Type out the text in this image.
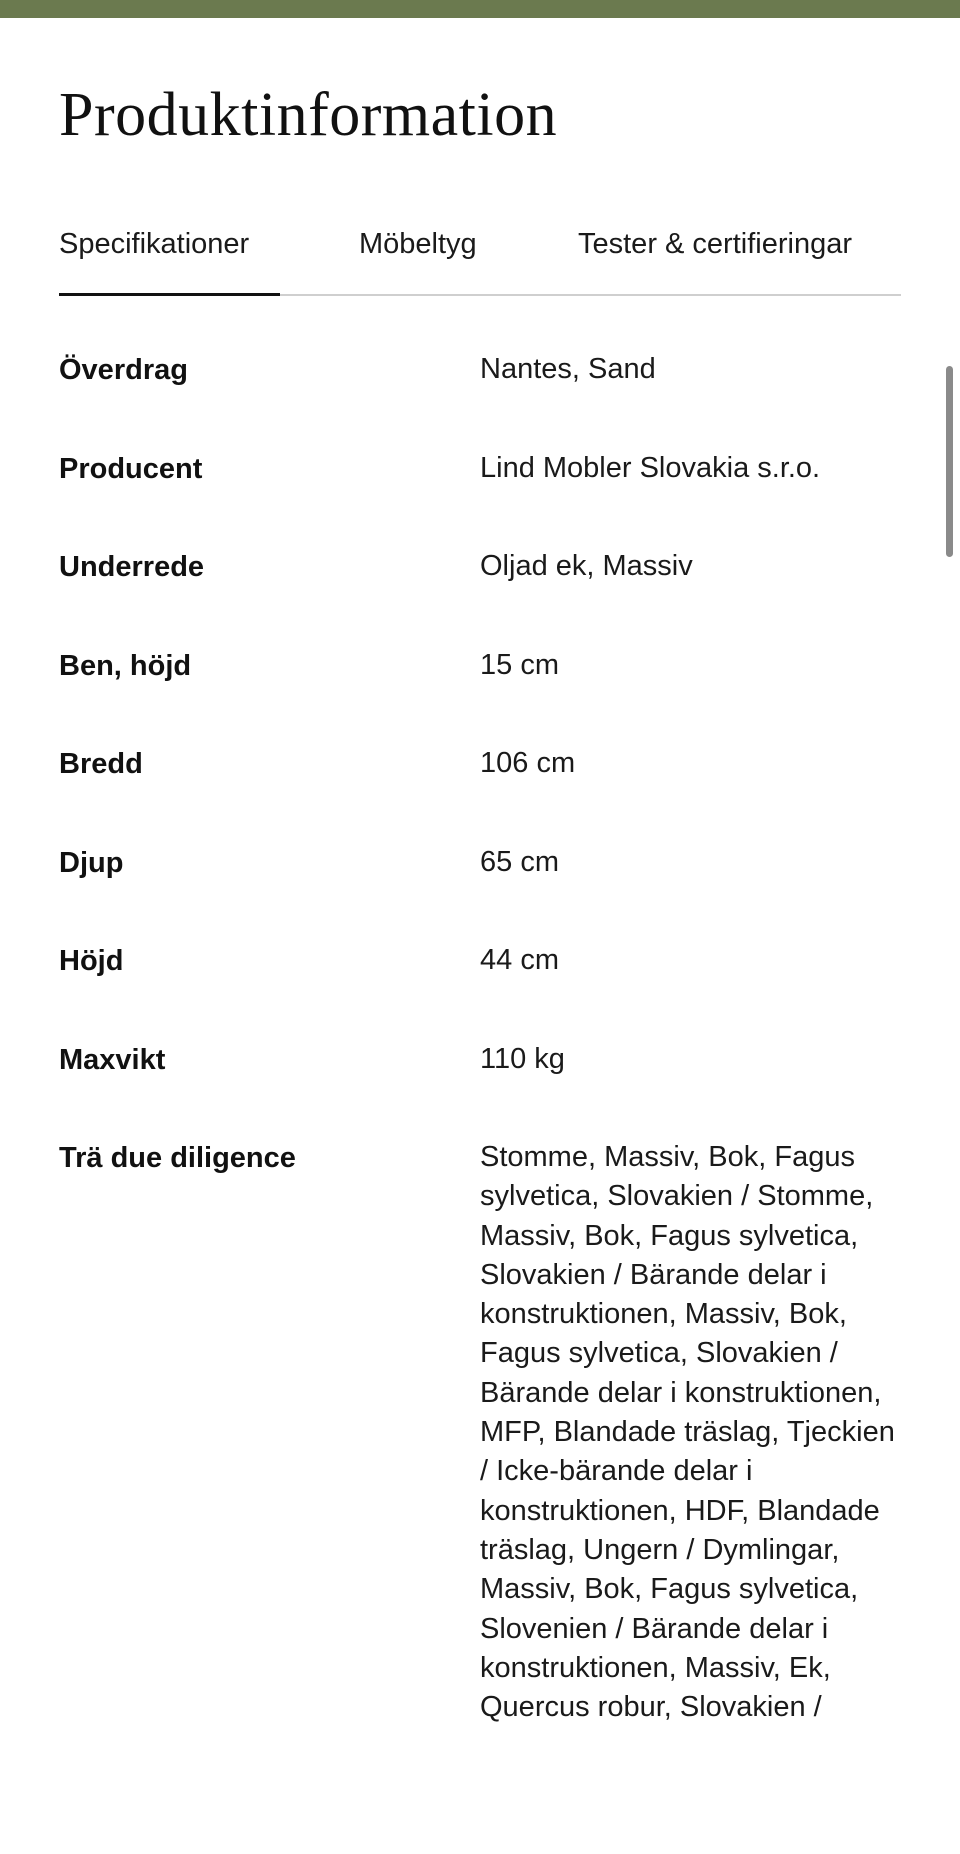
Produktinformation
Specifikationer	Möbeltyg	Tester & certifieringar
Överdrag	Nantes, Sand
Producent	Lind Mobler Slovakia s.r.o.
Underrede	Oljad ek, Massiv
Ben, höjd	15 cm
Bredd	106 cm
Djup	65 cm
Höjd	44 cm
Maxvikt	110 kg
Trä due diligence	Stomme, Massiv, Bok, Fagus sylvetica, Slovakien / Stomme, Massiv, Bok, Fagus sylvetica, Slovakien / Bärande delar i konstruktionen, Massiv, Bok, Fagus sylvetica, Slovakien / Bärande delar i konstruktionen, MFP, Blandade träslag, Tjeckien / Icke-bärande delar i konstruktionen, HDF, Blandade träslag, Ungern / Dymlingar, Massiv, Bok, Fagus sylvetica, Slovenien / Bärande delar i konstruktionen, Massiv, Ek, Quercus robur, Slovakien /
